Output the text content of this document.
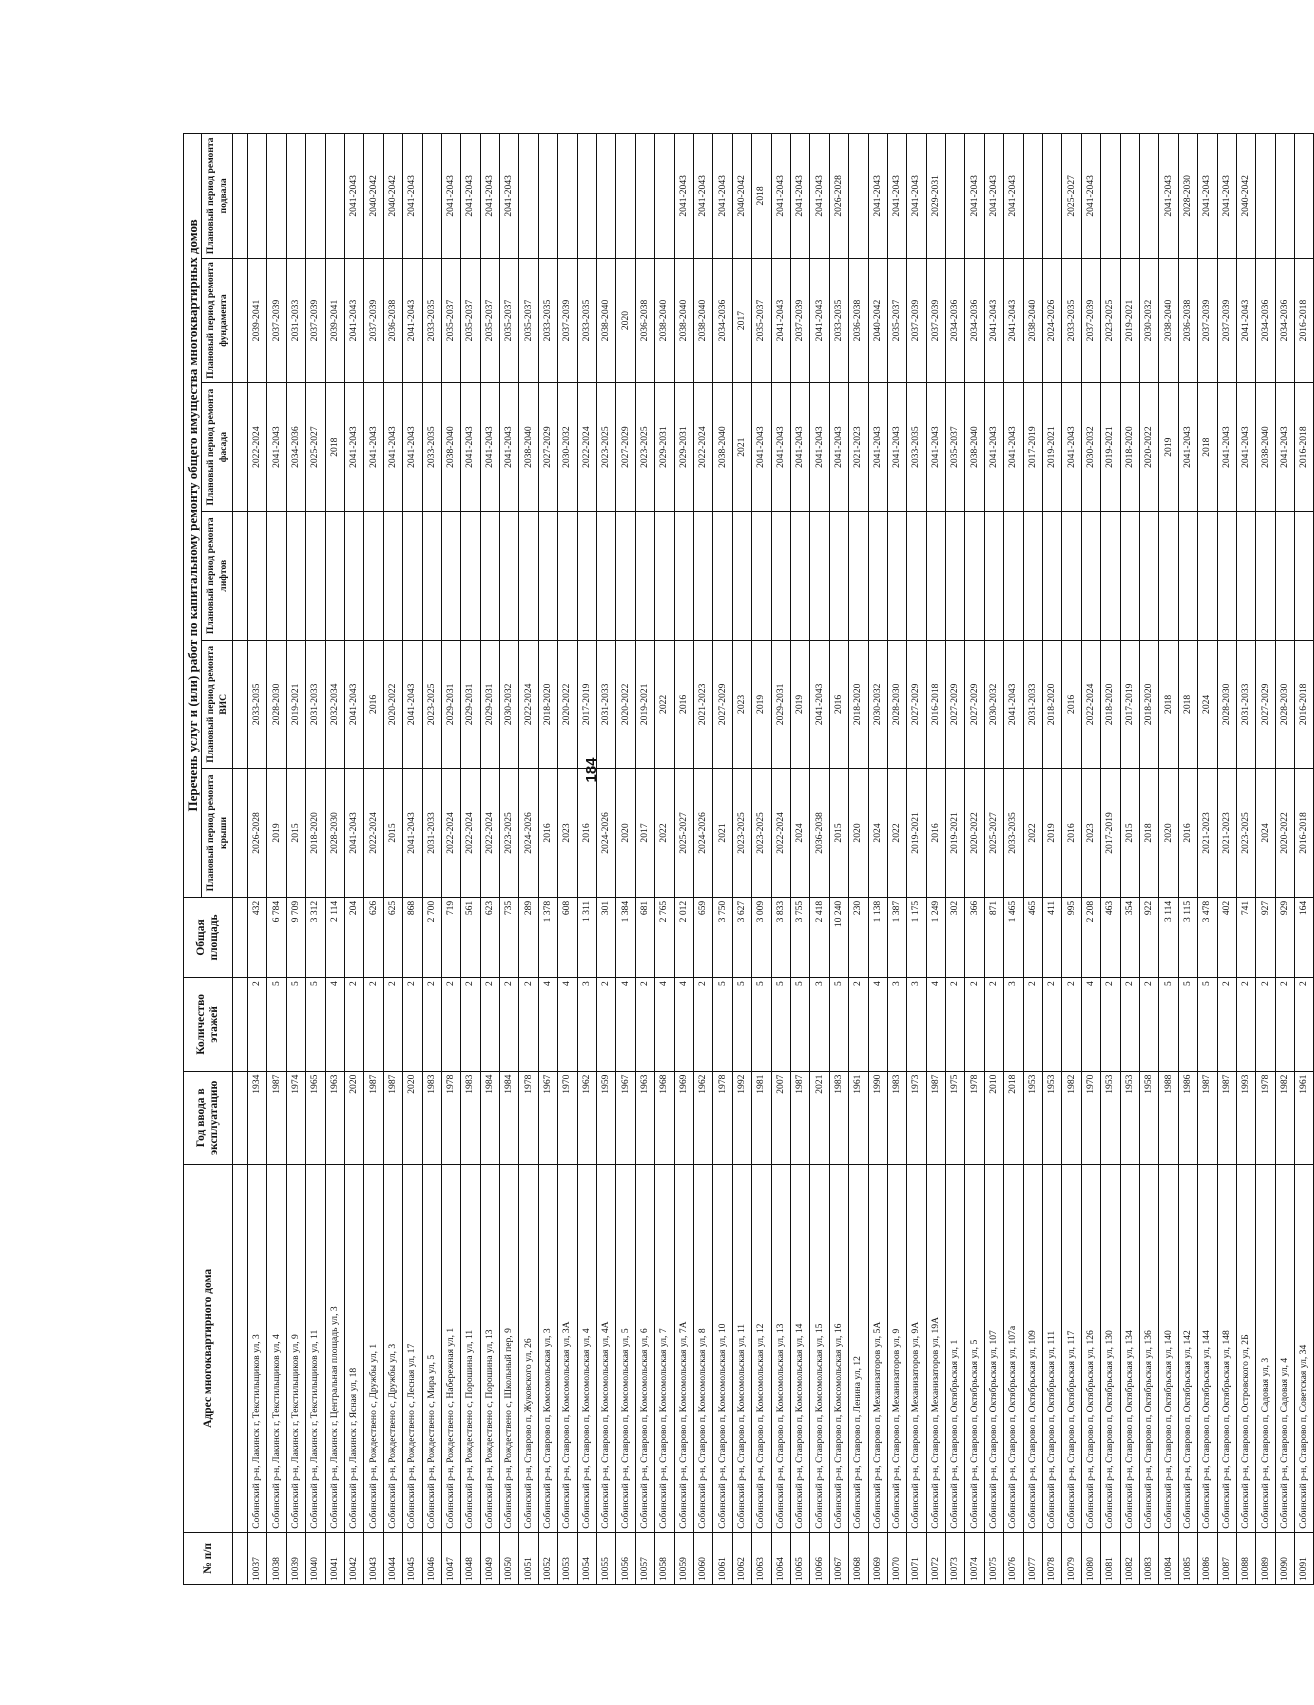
184
№ п/п	Адрес многоквартирного дома	Год ввода в эксплуатацию	Количество этажей	Общая площадь	Перечень услуг и (или) работ по капитальному ремонту общего имущества многоквартирных домов					
					Плановый период ремонта крыши	Плановый период ремонта ВИС	Плановый период ремонта лифтов	Плановый период ремонта фасада	Плановый период ремонта фундамента	Плановый период ремонта подвала

10037	Собинский р-н, Лакинск г, Текстильщиков ул, 3	1934	2	432	2026-2028	2033-2035		2022-2024	2039-2041	
10038	Собинский р-н, Лакинск г, Текстильщиков ул, 4	1987	5	6 784	2019	2028-2030		2041-2043	2037-2039	
10039	Собинский р-н, Лакинск г, Текстильщиков ул, 9	1974	5	9 709	2015	2019-2021		2034-2036	2031-2033	
10040	Собинский р-н, Лакинск г, Текстильщиков ул, 11	1965	5	3 312	2018-2020	2031-2033		2025-2027	2037-2039	
10041	Собинский р-н, Лакинск г, Центральная площадь ул, 3	1963	4	2 114	2028-2030	2032-2034		2018	2039-2041	
10042	Собинский р-н, Лакинск г, Ясная ул, 18	2020	2	204	2041-2043	2041-2043		2041-2043	2041-2043	2041-2043
10043	Собинский р-н, Рождествено с, Дружбы ул, 1	1987	2	626	2022-2024	2016		2041-2043	2037-2039	2040-2042
10044	Собинский р-н, Рождествено с, Дружбы ул, 3	1987	2	625	2015	2020-2022		2041-2043	2036-2038	2040-2042
10045	Собинский р-н, Рождествено с, Лесная ул, 17	2020	2	868	2041-2043	2041-2043		2041-2043	2041-2043	2041-2043
10046	Собинский р-н, Рождествено с, Мира ул, 5	1983	2	2 700	2031-2033	2023-2025		2033-2035	2033-2035	
10047	Собинский р-н, Рождествено с, Набережная ул, 1	1978	2	719	2022-2024	2029-2031		2038-2040	2035-2037	2041-2043
10048	Собинский р-н, Рождествено с, Порошина ул, 11	1983	2	561	2022-2024	2029-2031		2041-2043	2035-2037	2041-2043
10049	Собинский р-н, Рождествено с, Порошина ул, 13	1984	2	623	2022-2024	2029-2031		2041-2043	2035-2037	2041-2043
10050	Собинский р-н, Рождествено с, Школьный пер, 9	1984	2	735	2023-2025	2030-2032		2041-2043	2035-2037	2041-2043
10051	Собинский р-н, Ставрово п, Жуковского ул, 26	1978	2	289	2024-2026	2022-2024		2038-2040	2035-2037	
10052	Собинский р-н, Ставрово п, Комсомольская ул, 3	1967	4	1 378	2016	2018-2020		2027-2029	2033-2035	
10053	Собинский р-н, Ставрово п, Комсомольская ул, 3А	1970	4	608	2023	2020-2022		2030-2032	2037-2039	
10054	Собинский р-н, Ставрово п, Комсомольская ул, 4	1962	3	1 311	2016	2017-2019		2022-2024	2033-2035	
10055	Собинский р-н, Ставрово п, Комсомольская ул, 4А	1959	2	301	2024-2026	2031-2033		2023-2025	2038-2040	
10056	Собинский р-н, Ставрово п, Комсомольская ул, 5	1967	4	1 384	2020	2020-2022		2027-2029	2020	
10057	Собинский р-н, Ставрово п, Комсомольская ул, 6	1963	2	681	2017	2019-2021		2023-2025	2036-2038	
10058	Собинский р-н, Ставрово п, Комсомольская ул, 7	1968	4	2 765	2022	2022		2029-2031	2038-2040	
10059	Собинский р-н, Ставрово п, Комсомольская ул, 7А	1969	4	2 012	2025-2027	2016		2029-2031	2038-2040	2041-2043
10060	Собинский р-н, Ставрово п, Комсомольская ул, 8	1962	2	659	2024-2026	2021-2023		2022-2024	2038-2040	2041-2043
10061	Собинский р-н, Ставрово п, Комсомольская ул, 10	1978	5	3 750	2021	2027-2029		2038-2040	2034-2036	2041-2043
10062	Собинский р-н, Ставрово п, Комсомольская ул, 11	1992	5	3 627	2023-2025	2023		2021	2017	2040-2042
10063	Собинский р-н, Ставрово п, Комсомольская ул, 12	1981	5	3 009	2023-2025	2019		2041-2043	2035-2037	2018
10064	Собинский р-н, Ставрово п, Комсомольская ул, 13	2007	5	3 833	2022-2024	2029-2031		2041-2043	2041-2043	2041-2043
10065	Собинский р-н, Ставрово п, Комсомольская ул, 14	1987	5	3 755	2024	2019		2041-2043	2037-2039	2041-2043
10066	Собинский р-н, Ставрово п, Комсомольская ул, 15	2021	3	2 418	2036-2038	2041-2043		2041-2043	2041-2043	2041-2043
10067	Собинский р-н, Ставрово п, Комсомольская ул, 16	1983	5	10 240	2015	2016		2041-2043	2033-2035	2026-2028
10068	Собинский р-н, Ставрово п, Ленина ул, 12	1961	2	230	2020	2018-2020		2021-2023	2036-2038	
10069	Собинский р-н, Ставрово п, Механизаторов ул, 5А	1990	4	1 138	2024	2030-2032		2041-2043	2040-2042	2041-2043
10070	Собинский р-н, Ставрово п, Механизаторов ул, 9	1983	3	1 387	2022	2028-2030		2041-2043	2035-2037	2041-2043
10071	Собинский р-н, Ставрово п, Механизаторов ул, 9А	1973	3	1 175	2019-2021	2027-2029		2033-2035	2037-2039	2041-2043
10072	Собинский р-н, Ставрово п, Механизаторов ул, 19А	1987	4	1 249	2016	2016-2018		2041-2043	2037-2039	2029-2031
10073	Собинский р-н, Ставрово п, Октябрьская ул, 1	1975	2	302	2019-2021	2027-2029		2035-2037	2034-2036	
10074	Собинский р-н, Ставрово п, Октябрьская ул, 5	1978	2	366	2020-2022	2027-2029		2038-2040	2034-2036	2041-2043
10075	Собинский р-н, Ставрово п, Октябрьская ул, 107	2010	2	871	2025-2027	2030-2032		2041-2043	2041-2043	2041-2043
10076	Собинский р-н, Ставрово п, Октябрьская ул, 107а	2018	3	1 465	2033-2035	2041-2043		2041-2043	2041-2043	2041-2043
10077	Собинский р-н, Ставрово п, Октябрьская ул, 109	1953	2	465	2022	2031-2033		2017-2019	2038-2040	
10078	Собинский р-н, Ставрово п, Октябрьская ул, 111	1953	2	411	2019	2018-2020		2019-2021	2024-2026	
10079	Собинский р-н, Ставрово п, Октябрьская ул, 117	1982	2	995	2016	2016		2041-2043	2033-2035	2025-2027
10080	Собинский р-н, Ставрово п, Октябрьская ул, 126	1970	4	2 208	2023	2022-2024		2030-2032	2037-2039	2041-2043
10081	Собинский р-н, Ставрово п, Октябрьская ул, 130	1953	2	463	2017-2019	2018-2020		2019-2021	2023-2025	
10082	Собинский р-н, Ставрово п, Октябрьская ул, 134	1953	2	354	2015	2017-2019		2018-2020	2019-2021	
10083	Собинский р-н, Ставрово п, Октябрьская ул, 136	1958	2	922	2018	2018-2020		2020-2022	2030-2032	
10084	Собинский р-н, Ставрово п, Октябрьская ул, 140	1988	5	3 114	2020	2018		2019	2038-2040	2041-2043
10085	Собинский р-н, Ставрово п, Октябрьская ул, 142	1986	5	3 115	2016	2018		2041-2043	2036-2038	2028-2030
10086	Собинский р-н, Ставрово п, Октябрьская ул, 144	1987	5	3 478	2021-2023	2024		2018	2037-2039	2041-2043
10087	Собинский р-н, Ставрово п, Октябрьская ул, 148	1987	2	402	2021-2023	2028-2030		2041-2043	2037-2039	2041-2043
10088	Собинский р-н, Ставрово п, Островского ул, 2Б	1993	2	741	2023-2025	2031-2033		2041-2043	2041-2043	2040-2042
10089	Собинский р-н, Ставрово п, Садовая ул, 3	1978	2	927	2024	2027-2029		2038-2040	2034-2036	
10090	Собинский р-н, Ставрово п, Садовая ул, 4	1982	2	929	2020-2022	2028-2030		2041-2043	2034-2036	
10091	Собинский р-н, Ставрово п, Советская ул, 34	1961	2	164	2016-2018	2016-2018		2016-2018	2016-2018	
